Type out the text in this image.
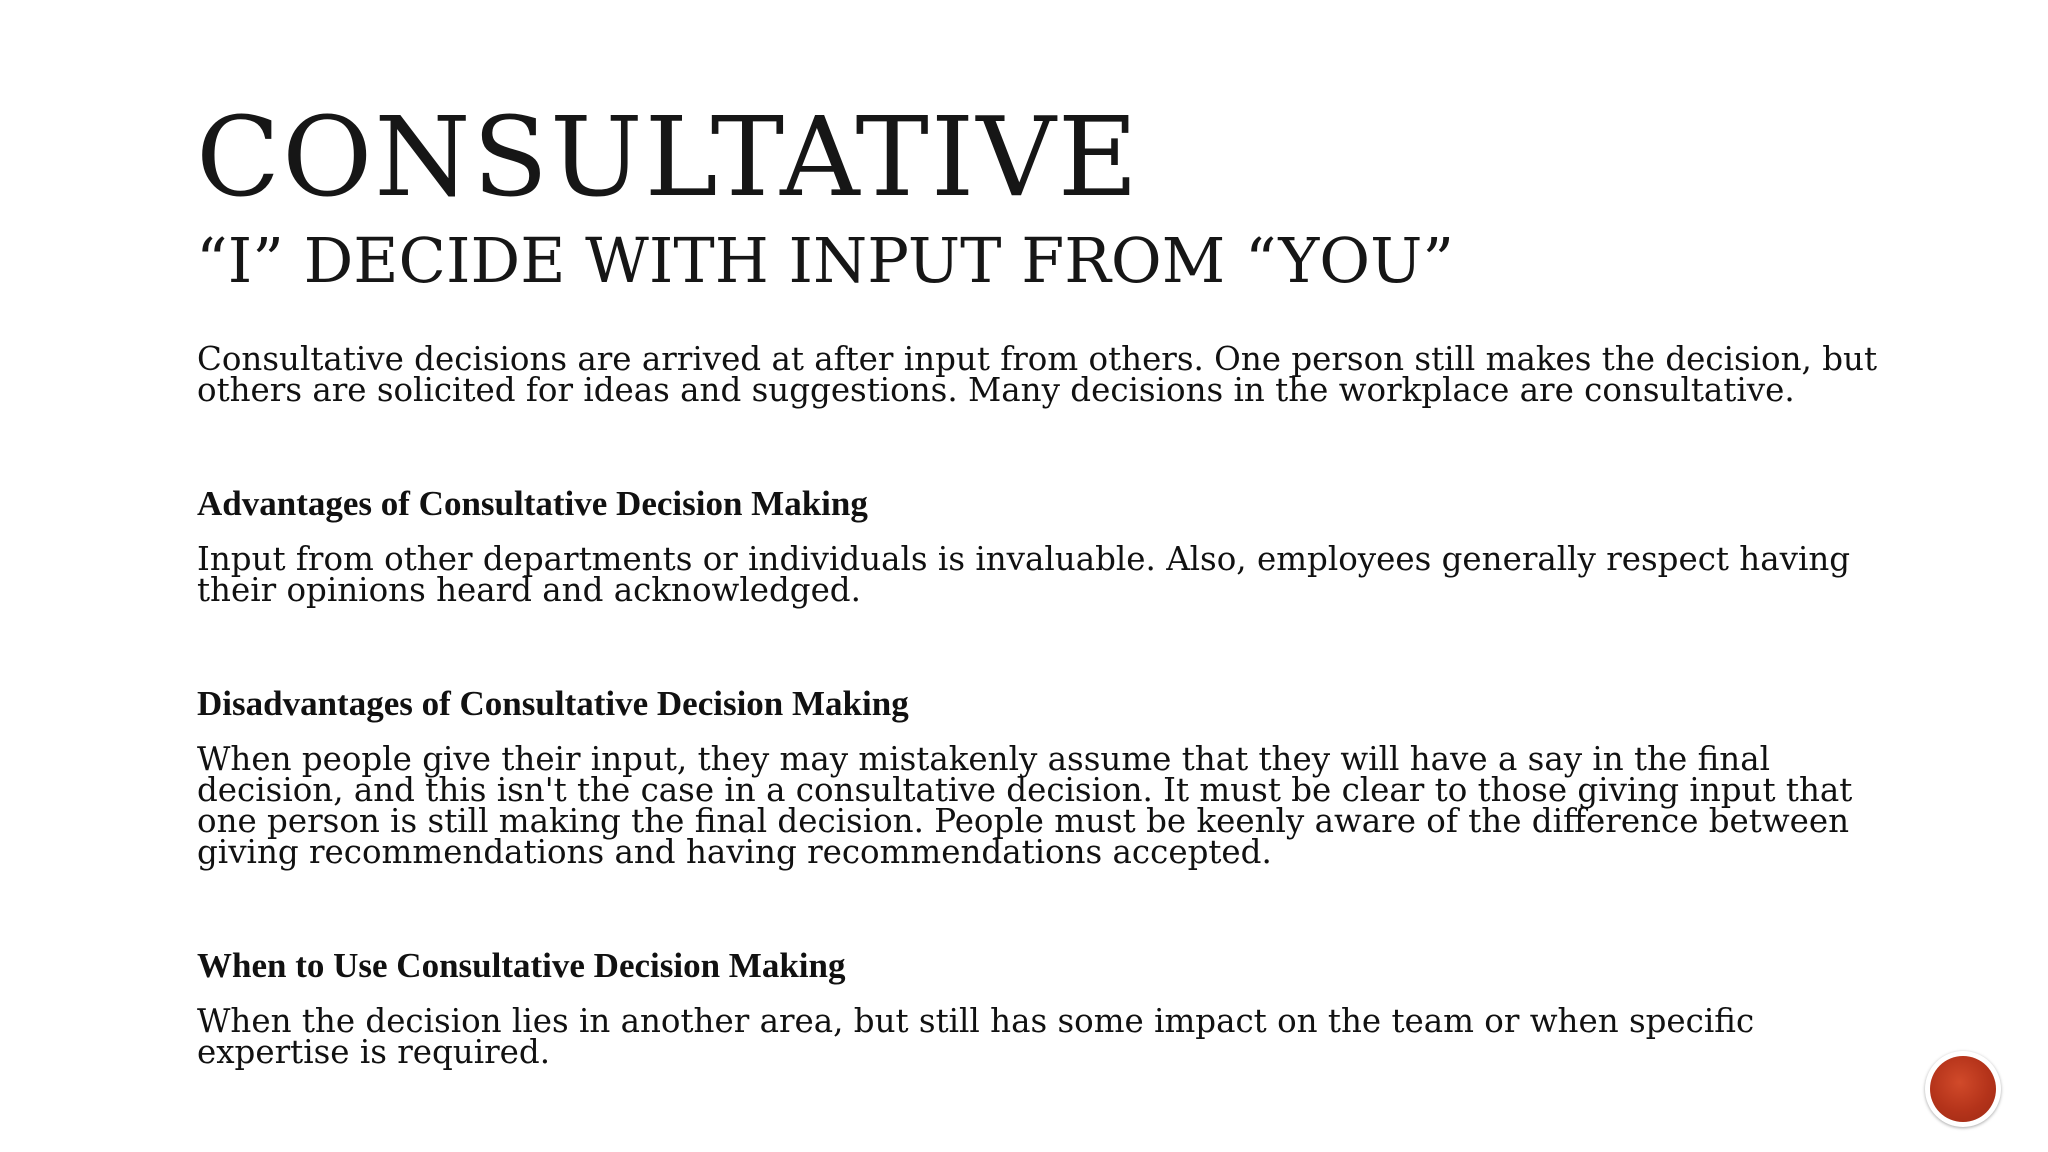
CONSULTATIVE
“I” DECIDE WITH INPUT FROM “YOU”

Consultative decisions are arrived at after input from others. One person still makes the decision, but others are solicited for ideas and suggestions. Many decisions in the workplace are consultative.

Advantages of Consultative Decision Making

Input from other departments or individuals is invaluable. Also, employees generally respect having their opinions heard and acknowledged.

Disadvantages of Consultative Decision Making

When people give their input, they may mistakenly assume that they will have a say in the final decision, and this isn't the case in a consultative decision. It must be clear to those giving input that one person is still making the final decision. People must be keenly aware of the difference between giving recommendations and having recommendations accepted.

When to Use Consultative Decision Making

When the decision lies in another area, but still has some impact on the team or when specific expertise is required.
